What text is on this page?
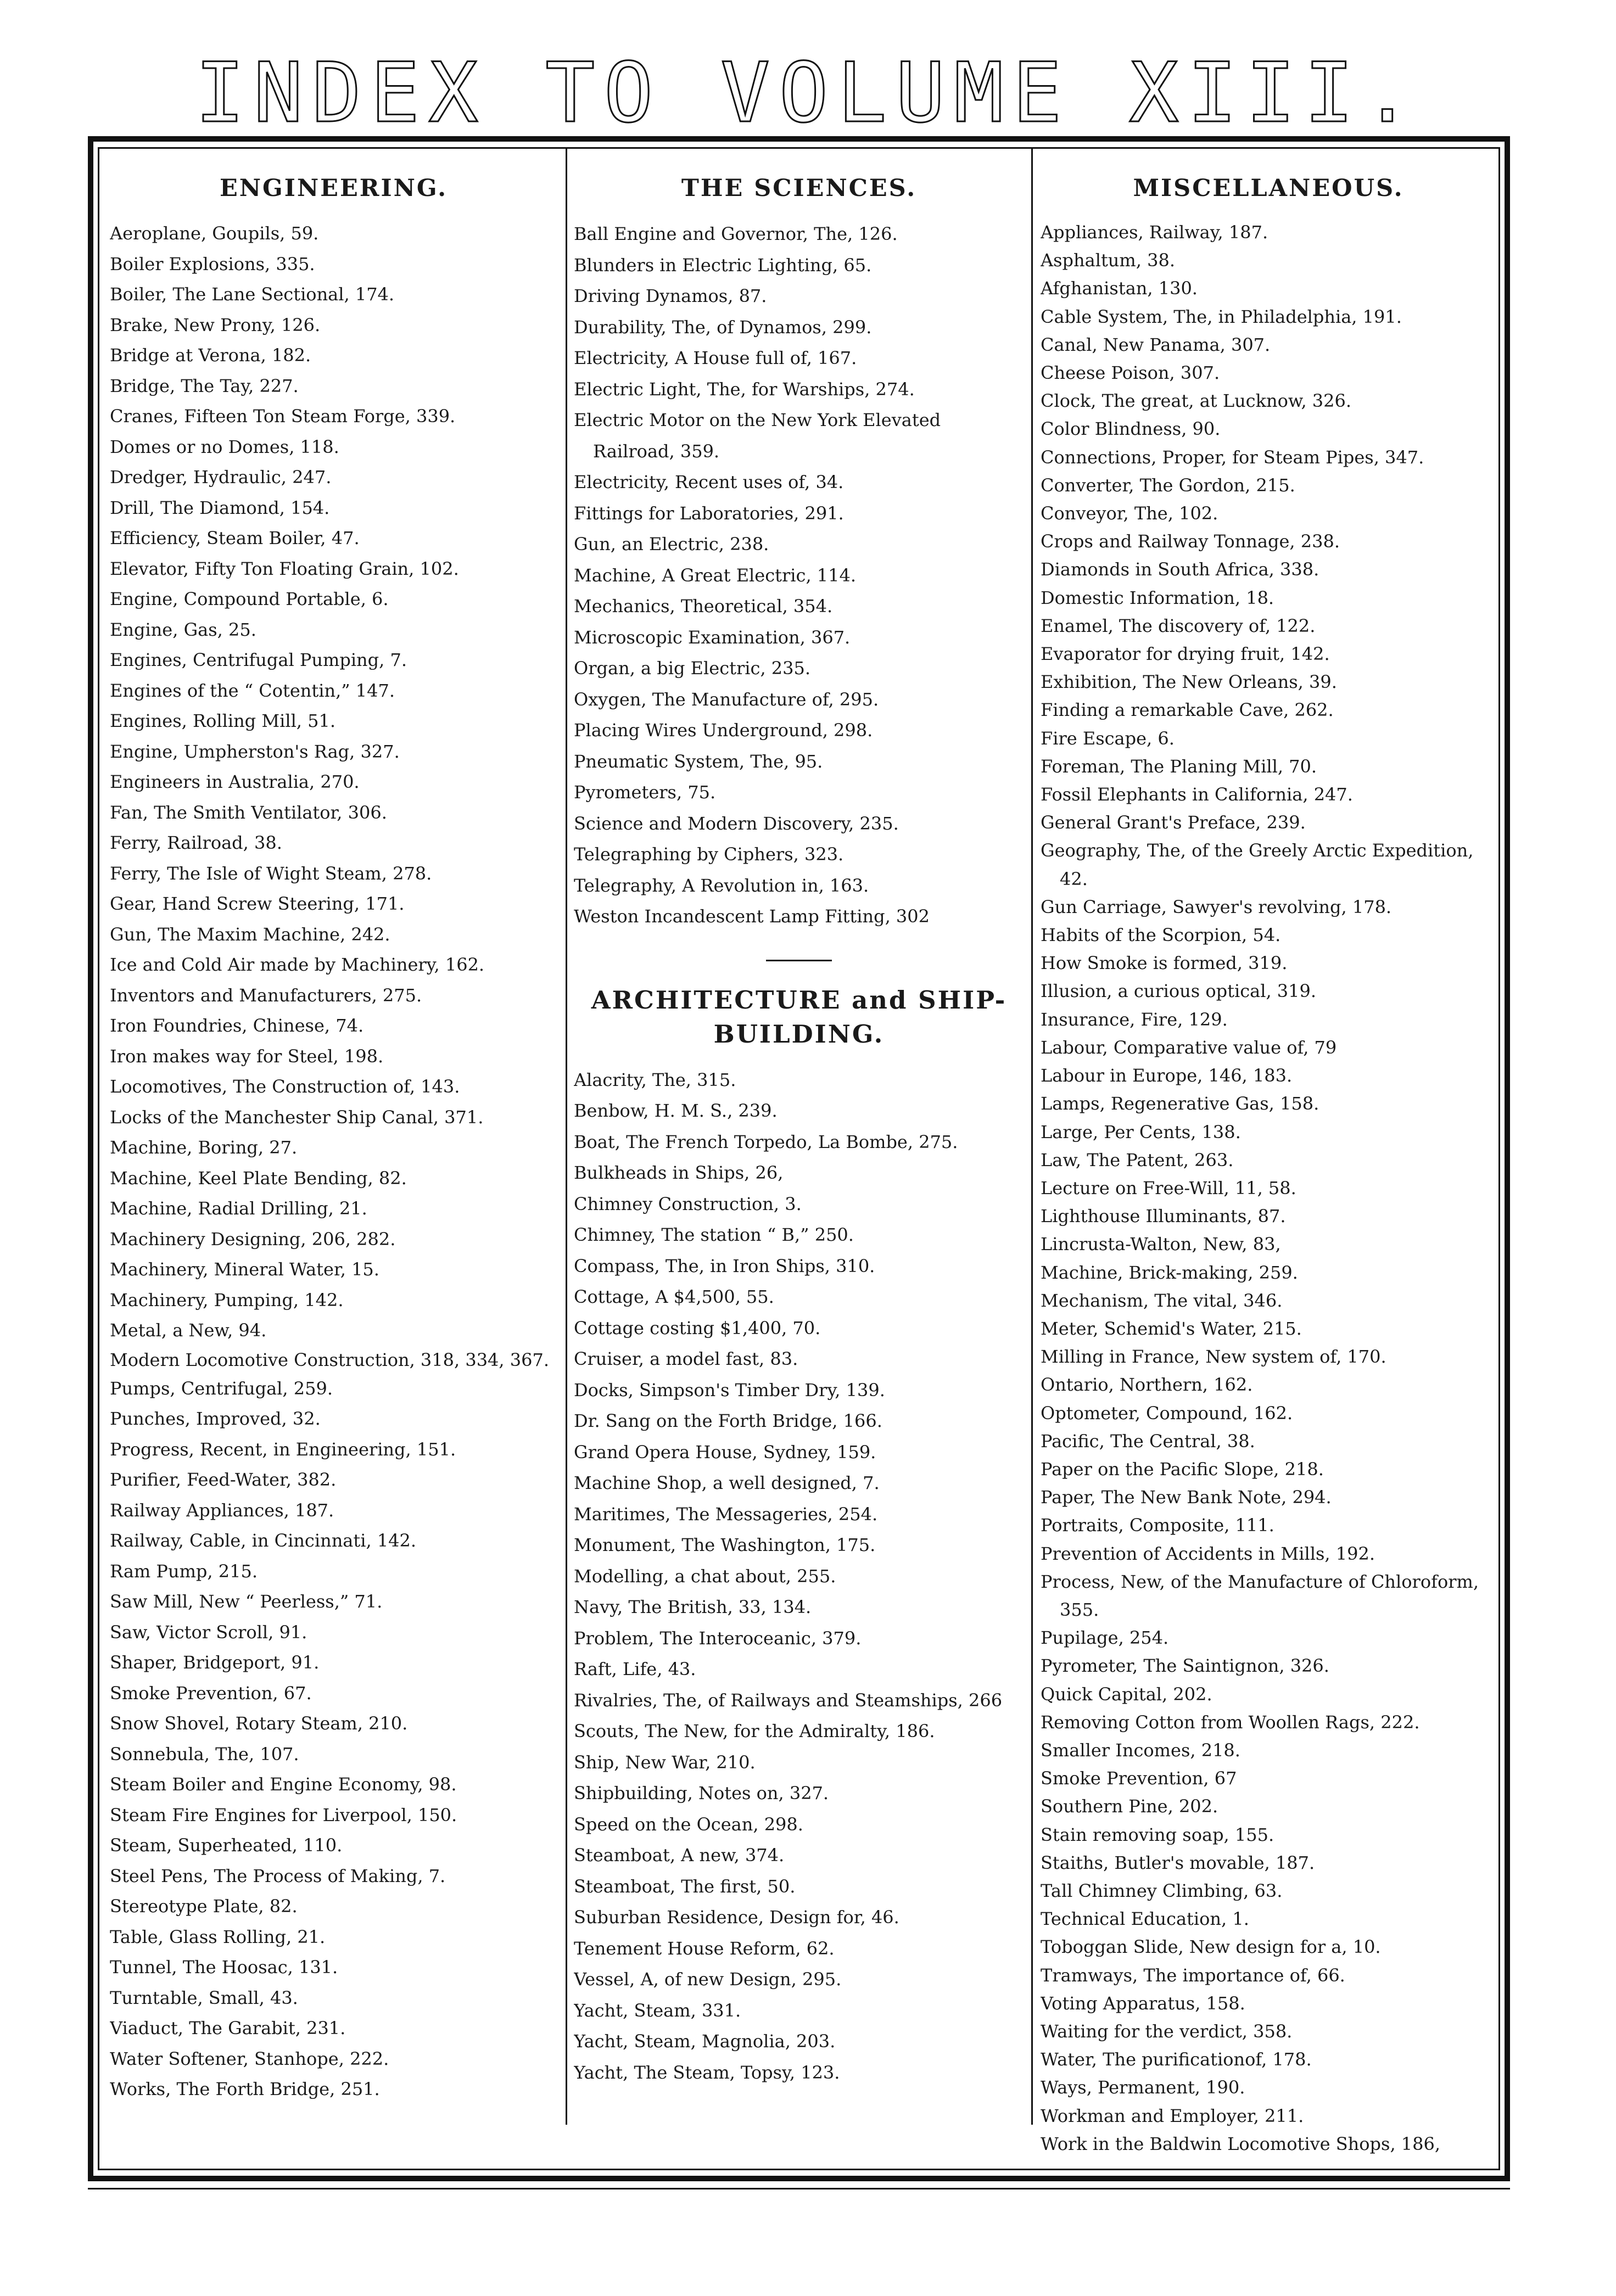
INDEX TO VOLUME XIII.
ENGINEERING.
Aeroplane, Goupils, 59.
Boiler Explosions, 335.
Boiler, The Lane Sectional, 174.
Brake, New Prony, 126.
Bridge at Verona, 182.
Bridge, The Tay, 227.
Cranes, Fifteen Ton Steam Forge, 339.
Domes or no Domes, 118.
Dredger, Hydraulic, 247.
Drill, The Diamond, 154.
Efficiency, Steam Boiler, 47.
Elevator, Fifty Ton Floating Grain, 102.
Engine, Compound Portable, 6.
Engine, Gas, 25.
Engines, Centrifugal Pumping, 7.
Engines of the “ Cotentin,” 147.
Engines, Rolling Mill, 51.
Engine, Umpherston's Rag, 327.
Engineers in Australia, 270.
Fan, The Smith Ventilator, 306.
Ferry, Railroad, 38.
Ferry, The Isle of Wight Steam, 278.
Gear, Hand Screw Steering, 171.
Gun, The Maxim Machine, 242.
Ice and Cold Air made by Machinery, 162.
Inventors and Manufacturers, 275.
Iron Foundries, Chinese, 74.
Iron makes way for Steel, 198.
Locomotives, The Construction of, 143.
Locks of the Manchester Ship Canal, 371.
Machine, Boring, 27.
Machine, Keel Plate Bending, 82.
Machine, Radial Drilling, 21.
Machinery Designing, 206, 282.
Machinery, Mineral Water, 15.
Machinery, Pumping, 142.
Metal, a New, 94.
Modern Locomotive Construction, 318, 334, 367.
Pumps, Centrifugal, 259.
Punches, Improved, 32.
Progress, Recent, in Engineering, 151.
Purifier, Feed-Water, 382.
Railway Appliances, 187.
Railway, Cable, in Cincinnati, 142.
Ram Pump, 215.
Saw Mill, New “ Peerless,” 71.
Saw, Victor Scroll, 91.
Shaper, Bridgeport, 91.
Smoke Prevention, 67.
Snow Shovel, Rotary Steam, 210.
Sonnebula, The, 107.
Steam Boiler and Engine Economy, 98.
Steam Fire Engines for Liverpool, 150.
Steam, Superheated, 110.
Steel Pens, The Process of Making, 7.
Stereotype Plate, 82.
Table, Glass Rolling, 21.
Tunnel, The Hoosac, 131.
Turntable, Small, 43.
Viaduct, The Garabit, 231.
Water Softener, Stanhope, 222.
Works, The Forth Bridge, 251.
THE SCIENCES.
Ball Engine and Governor, The, 126.
Blunders in Electric Lighting, 65.
Driving Dynamos, 87.
Durability, The, of Dynamos, 299.
Electricity, A House full of, 167.
Electric Light, The, for Warships, 274.
Electric Motor on the New York Elevated Railroad, 359.
Electricity, Recent uses of, 34.
Fittings for Laboratories, 291.
Gun, an Electric, 238.
Machine, A Great Electric, 114.
Mechanics, Theoretical, 354.
Microscopic Examination, 367.
Organ, a big Electric, 235.
Oxygen, The Manufacture of, 295.
Placing Wires Underground, 298.
Pneumatic System, The, 95.
Pyrometers, 75.
Science and Modern Discovery, 235.
Telegraphing by Ciphers, 323.
Telegraphy, A Revolution in, 163.
Weston Incandescent Lamp Fitting, 302
ARCHITECTURE and SHIP-BUILDING.
Alacrity, The, 315.
Benbow, H. M. S., 239.
Boat, The French Torpedo, La Bombe, 275.
Bulkheads in Ships, 26,
Chimney Construction, 3.
Chimney, The station “ B,” 250.
Compass, The, in Iron Ships, 310.
Cottage, A $4,500, 55.
Cottage costing $1,400, 70.
Cruiser, a model fast, 83.
Docks, Simpson's Timber Dry, 139.
Dr. Sang on the Forth Bridge, 166.
Grand Opera House, Sydney, 159.
Machine Shop, a well designed, 7.
Maritimes, The Messageries, 254.
Monument, The Washington, 175.
Modelling, a chat about, 255.
Navy, The British, 33, 134.
Problem, The Interoceanic, 379.
Raft, Life, 43.
Rivalries, The, of Railways and Steamships, 266
Scouts, The New, for the Admiralty, 186.
Ship, New War, 210.
Shipbuilding, Notes on, 327.
Speed on the Ocean, 298.
Steamboat, A new, 374.
Steamboat, The first, 50.
Suburban Residence, Design for, 46.
Tenement House Reform, 62.
Vessel, A, of new Design, 295.
Yacht, Steam, 331.
Yacht, Steam, Magnolia, 203.
Yacht, The Steam, Topsy, 123.
MISCELLANEOUS.
Appliances, Railway, 187.
Asphaltum, 38.
Afghanistan, 130.
Cable System, The, in Philadelphia, 191.
Canal, New Panama, 307.
Cheese Poison, 307.
Clock, The great, at Lucknow, 326.
Color Blindness, 90.
Connections, Proper, for Steam Pipes, 347.
Converter, The Gordon, 215.
Conveyor, The, 102.
Crops and Railway Tonnage, 238.
Diamonds in South Africa, 338.
Domestic Information, 18.
Enamel, The discovery of, 122.
Evaporator for drying fruit, 142.
Exhibition, The New Orleans, 39.
Finding a remarkable Cave, 262.
Fire Escape, 6.
Foreman, The Planing Mill, 70.
Fossil Elephants in California, 247.
General Grant's Preface, 239.
Geography, The, of the Greely Arctic Expedition, 42.
Gun Carriage, Sawyer's revolving, 178.
Habits of the Scorpion, 54.
How Smoke is formed, 319.
Illusion, a curious optical, 319.
Insurance, Fire, 129.
Labour, Comparative value of, 79
Labour in Europe, 146, 183.
Lamps, Regenerative Gas, 158.
Large, Per Cents, 138.
Law, The Patent, 263.
Lecture on Free-Will, 11, 58.
Lighthouse Illuminants, 87.
Lincrusta-Walton, New, 83,
Machine, Brick-making, 259.
Mechanism, The vital, 346.
Meter, Schemid's Water, 215.
Milling in France, New system of, 170.
Ontario, Northern, 162.
Optometer, Compound, 162.
Pacific, The Central, 38.
Paper on the Pacific Slope, 218.
Paper, The New Bank Note, 294.
Portraits, Composite, 111.
Prevention of Accidents in Mills, 192.
Process, New, of the Manufacture of Chloroform, 355.
Pupilage, 254.
Pyrometer, The Saintignon, 326.
Quick Capital, 202.
Removing Cotton from Woollen Rags, 222.
Smaller Incomes, 218.
Smoke Prevention, 67
Southern Pine, 202.
Stain removing soap, 155.
Staiths, Butler's movable, 187.
Tall Chimney Climbing, 63.
Technical Education, 1.
Toboggan Slide, New design for a, 10.
Tramways, The importance of, 66.
Voting Apparatus, 158.
Waiting for the verdict, 358.
Water, The purificationof, 178.
Ways, Permanent, 190.
Workman and Employer, 211.
Work in the Baldwin Locomotive Shops, 186,
